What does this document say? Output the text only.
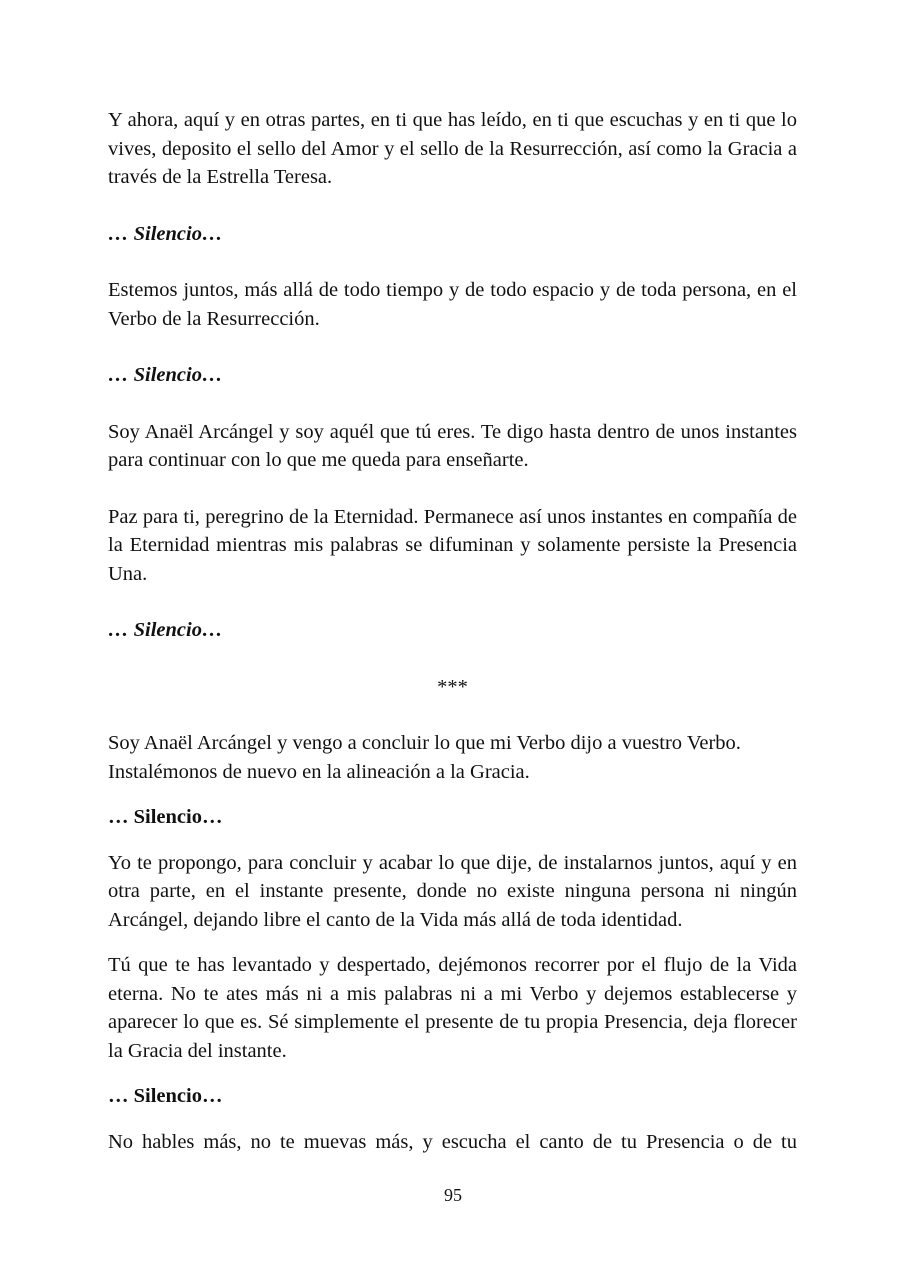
Y ahora, aquí y en otras partes, en ti que has leído, en ti que escuchas y en ti que lo vives, deposito el sello del Amor y el sello de la Resurrección, así como la Gracia a través de la Estrella Teresa.

… Silencio…

Estemos juntos, más allá de todo tiempo y de todo espacio y de toda persona, en el Verbo de la Resurrección.

… Silencio…

Soy Anaël Arcángel y soy aquél que tú eres. Te digo hasta dentro de unos instantes para continuar con lo que me queda para enseñarte.

Paz para ti, peregrino de la Eternidad. Permanece así unos instantes en compañía de la Eternidad mientras mis palabras se difuminan y solamente persiste la Presencia Una.

… Silencio…

***

Soy Anaël Arcángel y vengo a concluir lo que mi Verbo dijo a vuestro Verbo.

Instalémonos de nuevo en la alineación a la Gracia.

… Silencio…

Yo te propongo, para concluir y acabar lo que dije, de instalarnos juntos, aquí y en otra parte, en el instante presente, donde no existe ninguna persona ni ningún Arcángel, dejando libre el canto de la Vida más allá de toda identidad.

Tú que te has levantado y despertado, dejémonos recorrer por el flujo de la Vida eterna. No te ates más ni a mis palabras ni a mi Verbo y dejemos establecerse y aparecer lo que es. Sé simplemente el presente de tu propia Presencia, deja florecer la Gracia del instante.

… Silencio…

No hables más, no te muevas más, y escucha el canto de tu Presencia o de tu

95
